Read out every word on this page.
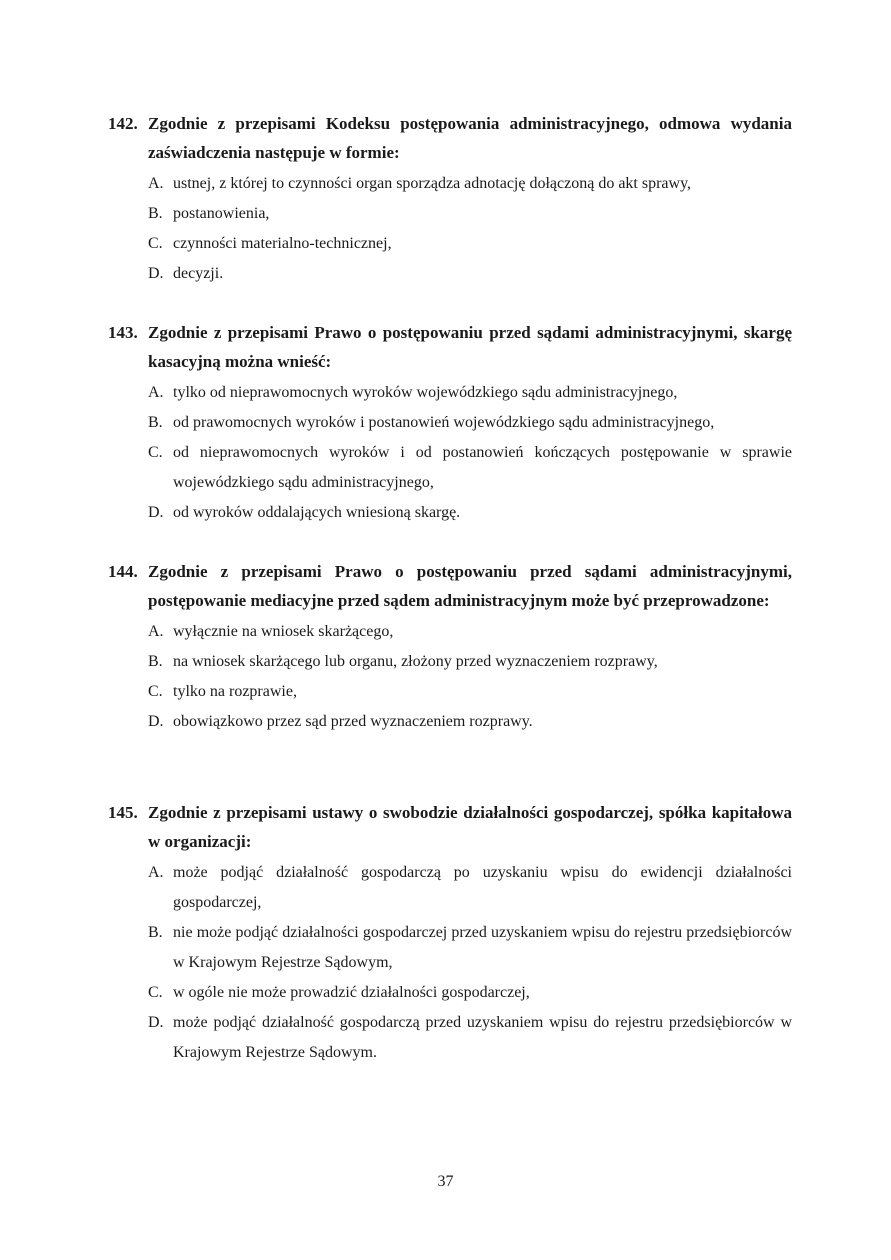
142. Zgodnie z przepisami Kodeksu postępowania administracyjnego, odmowa wydania zaświadczenia następuje w formie:
A. ustnej, z której to czynności organ sporządza adnotację dołączoną do akt sprawy,
B. postanowienia,
C. czynności materialno-technicznej,
D. decyzji.
143. Zgodnie z przepisami Prawo o postępowaniu przed sądami administracyjnymi, skargę kasacyjną można wnieść:
A. tylko od nieprawomocnych wyroków wojewódzkiego sądu administracyjnego,
B. od prawomocnych wyroków i postanowień wojewódzkiego sądu administracyjnego,
C. od nieprawomocnych wyroków i od postanowień kończących postępowanie w sprawie wojewódzkiego sądu administracyjnego,
D. od wyroków oddalających wniesioną skargę.
144. Zgodnie z przepisami Prawo o postępowaniu przed sądami administracyjnymi, postępowanie mediacyjne przed sądem administracyjnym może być przeprowadzone:
A. wyłącznie na wniosek skarżącego,
B. na wniosek skarżącego lub organu, złożony przed wyznaczeniem rozprawy,
C. tylko na rozprawie,
D. obowiązkowo przez sąd przed wyznaczeniem rozprawy.
145. Zgodnie z przepisami ustawy o swobodzie działalności gospodarczej, spółka kapitałowa w organizacji:
A. może podjąć działalność gospodarczą po uzyskaniu wpisu do ewidencji działalności gospodarczej,
B. nie może podjąć działalności gospodarczej przed uzyskaniem wpisu do rejestru przedsiębiorców w Krajowym Rejestrze Sądowym,
C. w ogóle nie może prowadzić działalności gospodarczej,
D. może podjąć działalność gospodarczą przed uzyskaniem wpisu do rejestru przedsiębiorców w Krajowym Rejestrze Sądowym.
37
